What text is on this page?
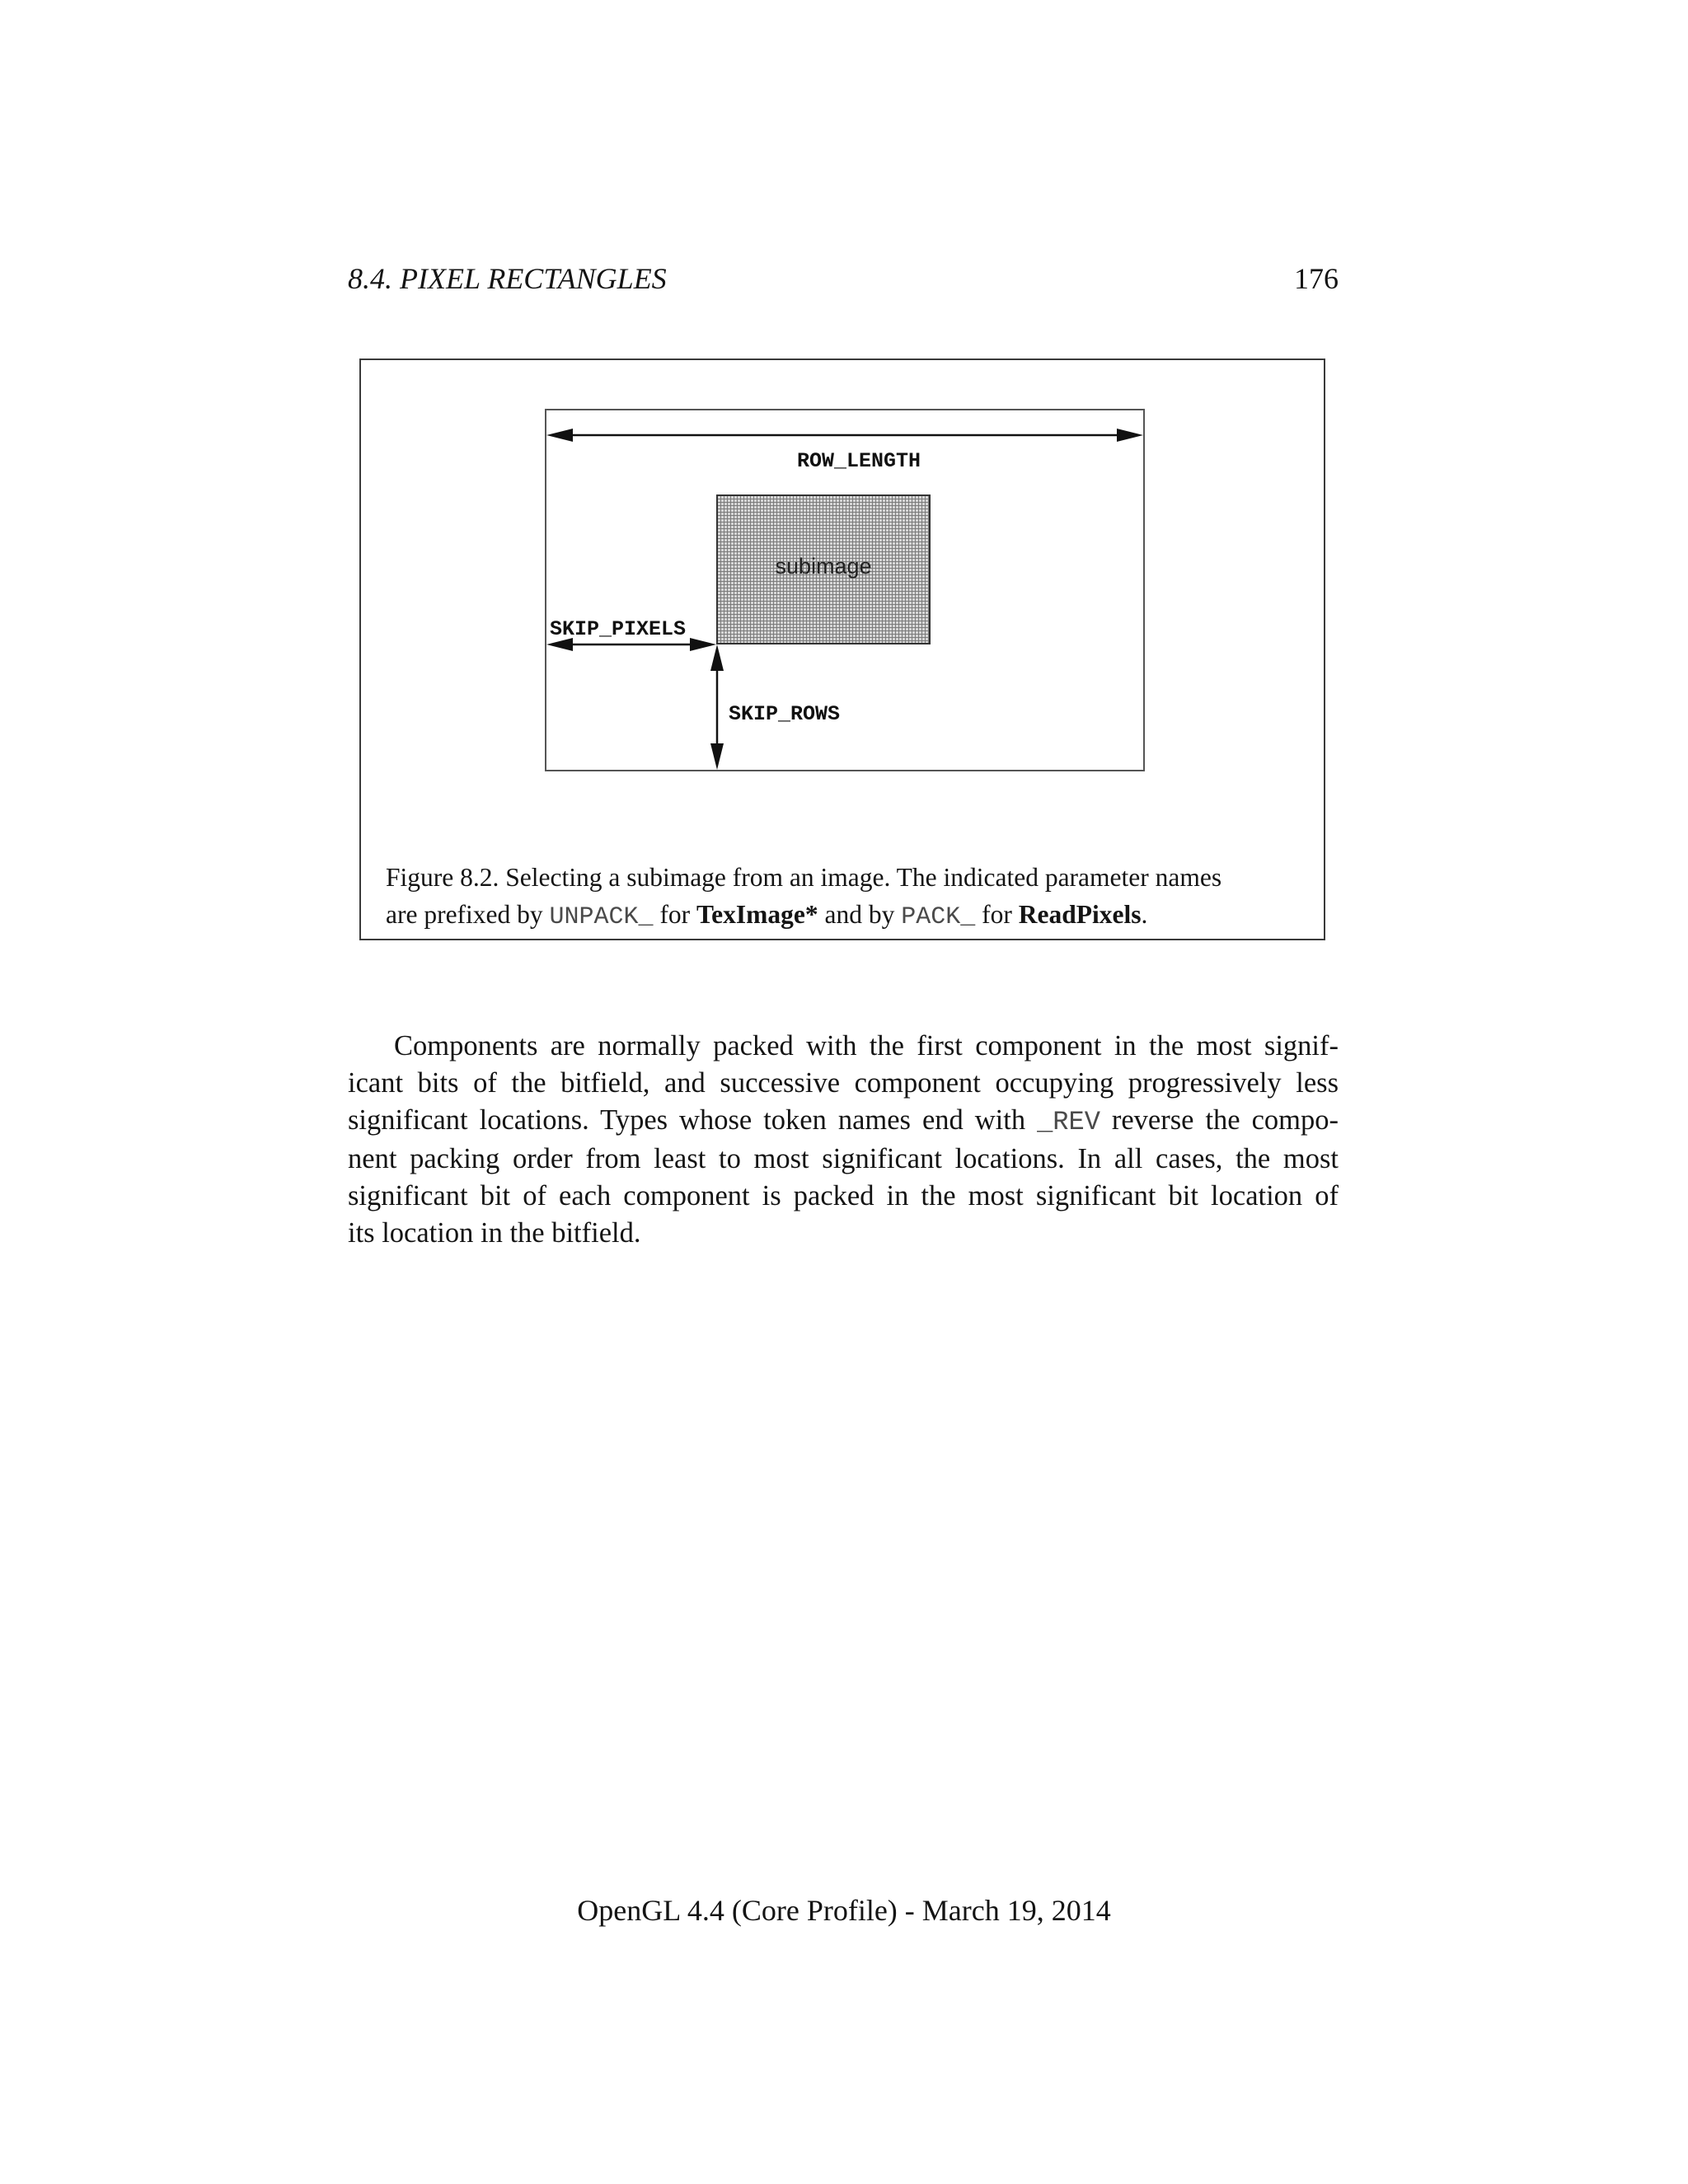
8.4. PIXEL RECTANGLES	176
subimage
ROW_LENGTH
SKIP_PIXELS
SKIP_ROWS

Figure 8.2. Selecting a subimage from an image. The indicated parameter names
are prefixed by UNPACK_ for TexImage* and by PACK_ for ReadPixels.

Components are normally packed with the first component in the most signif-
icant bits of the bitfield, and successive component occupying progressively less
significant locations. Types whose token names end with _REV reverse the compo-
nent packing order from least to most significant locations. In all cases, the most
significant bit of each component is packed in the most significant bit location of
its location in the bitfield.

OpenGL 4.4 (Core Profile) - March 19, 2014
